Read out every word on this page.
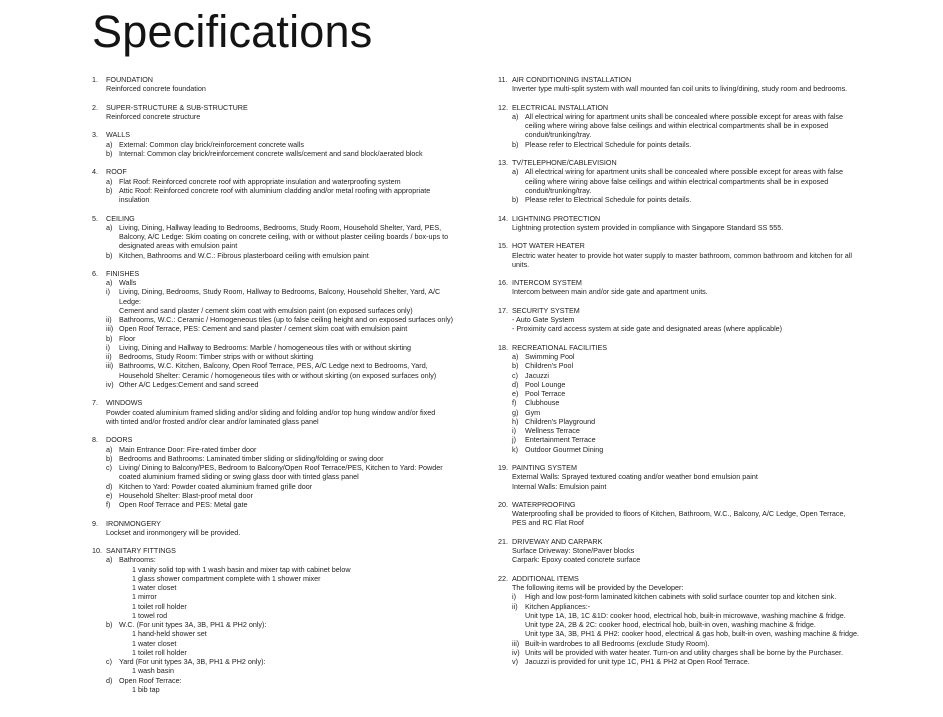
Specifications
1. FOUNDATION
Reinforced concrete foundation
2. SUPER-STRUCTURE & SUB-STRUCTURE
Reinforced concrete structure
3. WALLS
a) External: Common clay brick/reinforcement concrete walls
b) Internal: Common clay brick/reinforcement concrete walls/cement and sand block/aerated block
4. ROOF
a) Flat Roof: Reinforced concrete roof with appropriate insulation and waterproofing system
b) Attic Roof: Reinforced concrete roof with aluminium cladding and/or metal roofing with appropriate
insulation
5. CEILING
a) Living, Dining, Hallway leading to Bedrooms, Bedrooms, Study Room, Household Shelter, Yard, PES,
Balcony, A/C Ledge: Skim coating on concrete ceiling, with or without plaster ceiling boards / box-ups to
designated areas with emulsion paint
b) Kitchen, Bathrooms and W.C.: Fibrous plasterboard ceiling with emulsion paint
6. FINISHES
a) Walls
i) Living, Dining, Bedrooms, Study Room, Hallway to Bedrooms, Balcony, Household Shelter, Yard, A/C Ledge:
Cement and sand plaster / cement skim coat with emulsion paint (on exposed surfaces only)
ii) Bathrooms, W.C.: Ceramic / Homogeneous tiles (up to false ceiling height and on exposed surfaces only)
iii) Open Roof Terrace, PES: Cement and sand plaster / cement skim coat with emulsion paint
b) Floor
i) Living, Dining and Hallway to Bedrooms: Marble / homogeneous tiles with or without skirting
ii) Bedrooms, Study Room: Timber strips with or without skirting
iii) Bathrooms, W.C. Kitchen, Balcony, Open Roof Terrace, PES, A/C Ledge next to Bedrooms, Yard,
Household Shelter: Ceramic / homogeneous tiles with or without skirting (on exposed surfaces only)
iv) Other A/C Ledges:Cement and sand screed
7. WINDOWS
Powder coated aluminium framed sliding and/or sliding and folding and/or top hung window and/or fixed
with tinted and/or frosted and/or clear and/or laminated glass panel
8. DOORS
a) Main Entrance Door: Fire-rated timber door
b) Bedrooms and Bathrooms: Laminated timber sliding or sliding/folding or swing door
c) Living/ Dining to Balcony/PES, Bedroom to Balcony/Open Roof Terrace/PES, Kitchen to Yard: Powder
coated aluminium framed sliding or swing glass door with tinted glass panel
d) Kitchen to Yard: Powder coated aluminium framed grille door
e) Household Shelter: Blast-proof metal door
f) Open Roof Terrace and PES: Metal gate
9. IRONMONGERY
Lockset and ironmongery will be provided.
10. SANITARY FITTINGS
a) Bathrooms:
1 vanity solid top with 1 wash basin and mixer tap with cabinet below
1 glass shower compartment complete with 1 shower mixer
1 water closet
1 mirror
1 toilet roll holder
1 towel rod
b) W.C. (For unit types 3A, 3B, PH1 & PH2 only):
1 hand-held shower set
1 water closet
1 toilet roll holder
c) Yard (For unit types 3A, 3B, PH1 & PH2 only):
1 wash basin
d) Open Roof Terrace:
1 bib tap
11. AIR CONDITIONING INSTALLATION
Inverter type multi-split system with wall mounted fan coil units to living/dining, study room and bedrooms.
12. ELECTRICAL INSTALLATION
a) All electrical wiring for apartment units shall be concealed where possible except for areas with false
ceiling where wiring above false ceilings and within electrical compartments shall be in exposed
conduit/trunking/tray.
b) Please refer to Electrical Schedule for points details.
13. TV/TELEPHONE/CABLEVISION
a) All electrical wiring for apartment units shall be concealed where possible except for areas with false
ceiling where wiring above false ceilings and within electrical compartments shall be in exposed
conduit/trunking/tray.
b) Please refer to Electrical Schedule for points details.
14. LIGHTNING PROTECTION
Lightning protection system provided in compliance with Singapore Standard SS 555.
15. HOT WATER HEATER
Electric water heater to provide hot water supply to master bathroom, common bathroom and kitchen for all units.
16. INTERCOM SYSTEM
Intercom between main and/or side gate and apartment units.
17. SECURITY SYSTEM
- Auto Gate System
- Proximity card access system at side gate and designated areas (where applicable)
18. RECREATIONAL FACILITIES
a) Swimming Pool
b) Children's Pool
c) Jacuzzi
d) Pool Lounge
e) Pool Terrace
f) Clubhouse
g) Gym
h) Children's Playground
i) Wellness Terrace
j) Entertainment Terrace
k) Outdoor Gourmet Dining
19. PAINTING SYSTEM
External Walls: Sprayed textured coating and/or weather bond emulsion paint
Internal Walls: Emulsion paint
20. WATERPROOFING
Waterproofing shall be provided to floors of Kitchen, Bathroom, W.C., Balcony, A/C Ledge, Open Terrace,
PES and RC Flat Roof
21. DRIVEWAY AND CARPARK
Surface Driveway: Stone/Paver blocks
Carpark: Epoxy coated concrete surface
22. ADDITIONAL ITEMS
The following items will be provided by the Developer:
i) High and low post-form laminated kitchen cabinets with solid surface counter top and kitchen sink.
ii) Kitchen Appliances:-
Unit type 1A, 1B, 1C &1D: cooker hood, electrical hob, built-in microwave, washing machine & fridge.
Unit type 2A, 2B & 2C: cooker hood, electrical hob, built-in oven, washing machine & fridge.
Unit type 3A, 3B, PH1 & PH2: cooker hood, electrical & gas hob, built-in oven, washing machine & fridge.
iii) Built-in wardrobes to all Bedrooms (exclude Study Room).
iv) Units will be provided with water heater. Turn-on and utility charges shall be borne by the Purchaser.
v) Jacuzzi is provided for unit type 1C, PH1 & PH2 at Open Roof Terrace.
